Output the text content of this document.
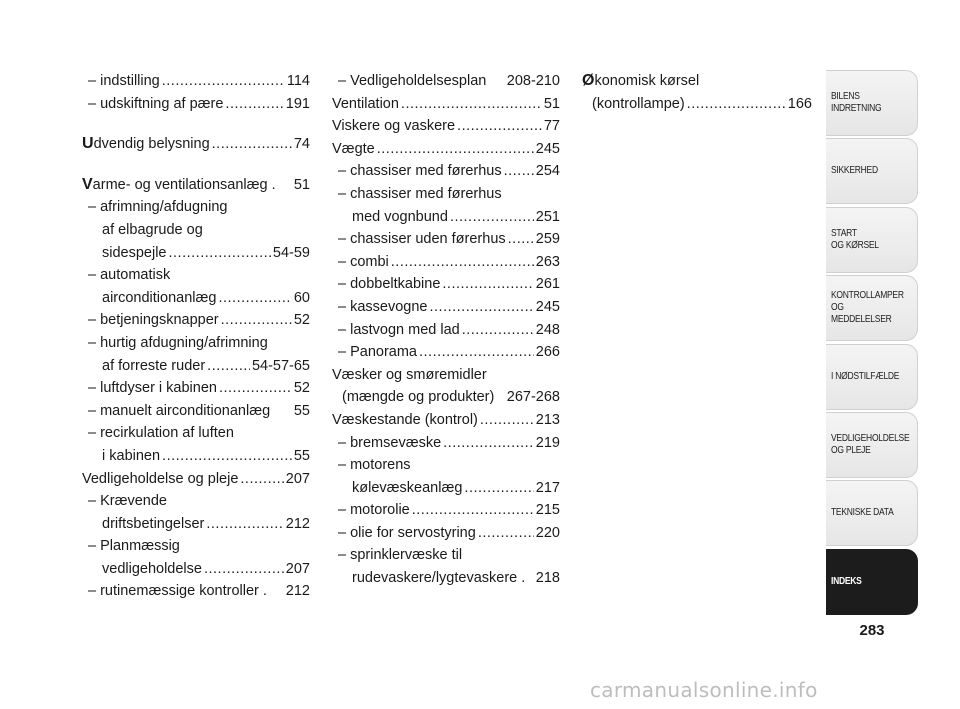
– indstilling .....	114
– udskiftning af pære .....	191
Udvendig belysning .....	74
Varme- og ventilationsanlæg . 51
– afrimning/afdugning
af elbagrude og
sidespejle .....	54-59
– automatisk
airconditionanlæg .....	60
– betjeningsknapper .....	52
– hurtig afdugning/afrimning
af forreste ruder .....	54-57-65
– luftdyser i kabinen .....	52
– manuelt airconditionanlæg 55
– recirkulation af luften
i kabinen .....	55
Vedligeholdelse og pleje .....	207
– Krævende
driftsbetingelser .....	212
– Planmæssig
vedligeholdelse .....	207
– rutinemæssige kontroller . 212
– Vedligeholdelsesplan 208-210
Ventilation .....	51
Viskere og vaskere .....	77
Vægte .....	245
– chassiser med førerhus ..... 254
– chassiser med førerhus
med vognbund .....	251
– chassiser uden førerhus ..... 259
– combi .....	263
– dobbeltkabine .....	261
– kassevogne .....	245
– lastvogn med lad .....	248
– Panorama .....	266
Væsker og smøremidler
(mængde og produkter) 267-268
Væskestande (kontrol) .....	213
– bremsevæske .....	219
– motorens
kølevæskeanlæg .....	217
– motorolie .....	215
– olie for servostyring .....	220
– sprinklervæske til
rudevaskere/lygtevaskere . 218
Økonomisk kørsel
(kontrollampe) .....	166 BILENS
INDRETNING
SIKKERHED
START
OG KØRSEL
KONTROLLAMPER
OG MEDDELELSER
I NØDSTILFÆLDE
VEDLIGEHOLDELSE
OG PLEJE
TEKNISKE DATA
INDEKS
283
carmanualsonline.info
